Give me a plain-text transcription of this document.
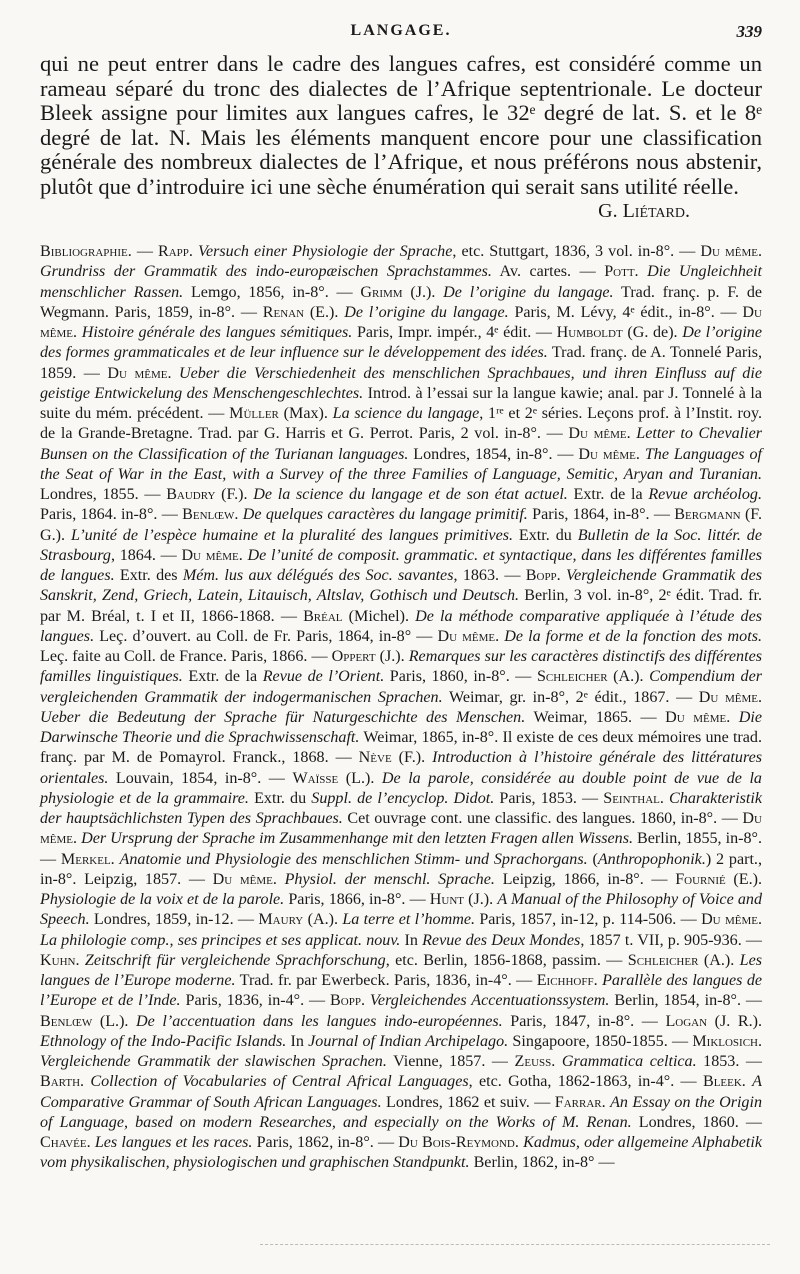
LANGAGE.	339

qui ne peut entrer dans le cadre des langues cafres, est considéré comme un rameau séparé du tronc des dialectes de l’Afrique septentrionale. Le docteur Bleek assigne pour limites aux langues cafres, le 32ᵉ degré de lat. S. et le 8ᵉ degré de lat. N. Mais les éléments manquent encore pour une classification générale des nombreux dialectes de l’Afrique, et nous préférons nous abstenir, plutôt que d’introduire ici une sèche énumération qui serait sans utilité réelle.

G. Liétard.

Bibliographie. — Rapp. Versuch einer Physiologie der Sprache, etc. Stuttgart, 1836, 3 vol. in-8°. — Du même. Grundriss der Grammatik des indo-europæischen Sprachstammes. Av. cartes. — Pott. Die Ungleichheit menschlicher Rassen. Lemgo, 1856, in-8°. — Grimm (J.). De l’origine du langage. Trad. franç. p. F. de Wegmann. Paris, 1859, in-8°. — Renan (E.). De l’origine du langage. Paris, M. Lévy, 4ᵉ édit., in-8°. — Du même. Histoire générale des langues sémitiques. Paris, Impr. impér., 4ᵉ édit. — Humboldt (G. de). De l’origine des formes grammaticales et de leur influence sur le développement des idées. Trad. franç. de A. Tonnelé Paris, 1859. — Du même. Ueber die Verschiedenheit des menschlichen Sprachbaues, und ihren Einfluss auf die geistige Entwickelung des Menschengeschlechtes. Introd. à l’essai sur la langue kawie; anal. par J. Tonnelé à la suite du mém. précédent. — Müller (Max). La science du langage, 1ʳᵉ et 2ᵉ séries. Leçons prof. à l’Instit. roy. de la Grande-Bretagne. Trad. par G. Harris et G. Perrot. Paris, 2 vol. in-8°. — Du même. Letter to Chevalier Bunsen on the Classification of the Turianan languages. Londres, 1854, in-8°. — Du même. The Languages of the Seat of War in the East, with a Survey of the three Families of Language, Semitic, Aryan and Turanian. Londres, 1855. — Baudry (F.). De la science du langage et de son état actuel. Extr. de la Revue archéolog. Paris, 1864. in-8°. — Benlœw. De quelques caractères du langage primitif. Paris, 1864, in-8°. — Bergmann (F. G.). L’unité de l’espèce humaine et la pluralité des langues primitives. Extr. du Bulletin de la Soc. littér. de Strasbourg, 1864. — Du même. De l’unité de composit. grammatic. et syntactique, dans les différentes familles de langues. Extr. des Mém. lus aux délégués des Soc. savantes, 1863. — Bopp. Vergleichende Grammatik des Sanskrit, Zend, Griech, Latein, Litauisch, Altslav, Gothisch und Deutsch. Berlin, 3 vol. in-8°, 2ᵉ édit. Trad. fr. par M. Bréal, t. I et II, 1866-1868. — Bréal (Michel). De la méthode comparative appliquée à l’étude des langues. Leç. d’ouvert. au Coll. de Fr. Paris, 1864, in-8° — Du même. De la forme et de la fonction des mots. Leç. faite au Coll. de France. Paris, 1866. — Oppert (J.). Remarques sur les caractères distinctifs des différentes familles linguistiques. Extr. de la Revue de l’Orient. Paris, 1860, in-8°. — Schleicher (A.). Compendium der vergleichenden Grammatik der indogermanischen Sprachen. Weimar, gr. in-8°, 2ᵉ édit., 1867. — Du même. Ueber die Bedeutung der Sprache für Naturgeschichte des Menschen. Weimar, 1865. — Du même. Die Darwinsche Theorie und die Sprachwissenschaft. Weimar, 1865, in-8°. Il existe de ces deux mémoires une trad. franç. par M. de Pomayrol. Franck., 1868. — Nève (F.). Introduction à l’histoire générale des littératures orientales. Louvain, 1854, in-8°. — Waïsse (L.). De la parole, considérée au double point de vue de la physiologie et de la grammaire. Extr. du Suppl. de l’encyclop. Didot. Paris, 1853. — Seinthal. Charakteristik der hauptsächlichsten Typen des Sprachbaues. Cet ouvrage cont. une classific. des langues. 1860, in-8°. — Du même. Der Ursprung der Sprache im Zusammenhange mit den letzten Fragen allen Wissens. Berlin, 1855, in-8°. — Merkel. Anatomie und Physiologie des menschlichen Stimm- und Sprachorgans. (Anthropophonik.) 2 part., in-8°. Leipzig, 1857. — Du même. Physiol. der menschl. Sprache. Leipzig, 1866, in-8°. — Fournié (E.). Physiologie de la voix et de la parole. Paris, 1866, in-8°. — Hunt (J.). A Manual of the Philosophy of Voice and Speech. Londres, 1859, in-12. — Maury (A.). La terre et l’homme. Paris, 1857, in-12, p. 114-506. — Du même. La philologie comp., ses principes et ses applicat. nouv. In Revue des Deux Mondes, 1857 t. VII, p. 905-936. — Kuhn. Zeitschrift für vergleichende Sprachforschung, etc. Berlin, 1856-1868, passim. — Schleicher (A.). Les langues de l’Europe moderne. Trad. fr. par Ewerbeck. Paris, 1836, in-4°. — Eichhoff. Parallèle des langues de l’Europe et de l’Inde. Paris, 1836, in-4°. — Bopp. Vergleichendes Accentuationssystem. Berlin, 1854, in-8°. — Benlœw (L.). De l’accentuation dans les langues indo-européennes. Paris, 1847, in-8°. — Logan (J. R.). Ethnology of the Indo-Pacific Islands. In Journal of Indian Archipelago. Singapoore, 1850-1855. — Miklosich. Vergleichende Grammatik der slawischen Sprachen. Vienne, 1857. — Zeuss. Grammatica celtica. 1853. — Barth. Collection of Vocabularies of Central Africal Languages, etc. Gotha, 1862-1863, in-4°. — Bleek. A Comparative Grammar of South African Languages. Londres, 1862 et suiv. — Farrar. An Essay on the Origin of Language, based on modern Researches, and especially on the Works of M. Renan. Londres, 1860. — Chavée. Les langues et les races. Paris, 1862, in-8°. — Du Bois-Reymond. Kadmus, oder allgemeine Alphabetik vom physikalischen, physiologischen und graphischen Standpunkt. Berlin, 1862, in-8° —
